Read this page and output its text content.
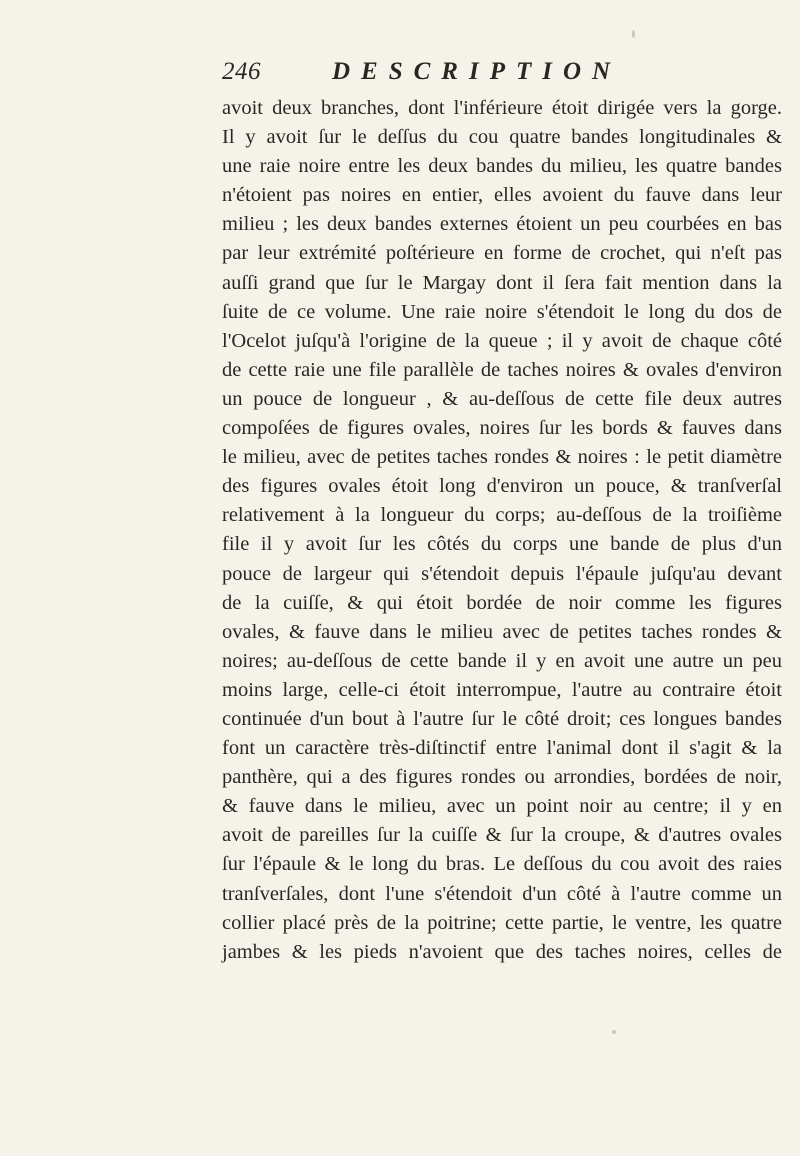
246	DESCRIPTION
avoit deux branches, dont l'inférieure étoit dirigée vers la gorge.
Il y avoit ſur le deſſus du cou quatre bandes longitudinales &
une raie noire entre les deux bandes du milieu, les quatre bandes
n'étoient pas noires en entier, elles avoient du fauve dans leur
milieu ; les deux bandes externes étoient un peu courbées en bas
par leur extrémité poſtérieure en forme de crochet, qui n'eſt pas
auſſi grand que ſur le Margay dont il ſera fait mention dans la
ſuite de ce volume. Une raie noire s'étendoit le long du dos de
l'Ocelot juſqu'à l'origine de la queue ; il y avoit de chaque côté
de cette raie une file parallèle de taches noires & ovales d'environ
un pouce de longueur , & au-deſſous de cette file deux autres
compoſées de figures ovales, noires ſur les bords & fauves dans
le milieu, avec de petites taches rondes & noires : le petit diamètre
des figures ovales étoit long d'environ un pouce, & tranſverſal
relativement à la longueur du corps; au-deſſous de la troiſième
file il y avoit ſur les côtés du corps une bande de plus d'un
pouce de largeur qui s'étendoit depuis l'épaule juſqu'au devant
de la cuiſſe, & qui étoit bordée de noir comme les figures
ovales, & fauve dans le milieu avec de petites taches rondes &
noires; au-deſſous de cette bande il y en avoit une autre un peu
moins large, celle-ci étoit interrompue, l'autre au contraire étoit
continuée d'un bout à l'autre ſur le côté droit; ces longues bandes
font un caractère très-diſtinctif entre l'animal dont il s'agit & la
panthère, qui a des figures rondes ou arrondies, bordées de noir,
& fauve dans le milieu, avec un point noir au centre; il y en
avoit de pareilles ſur la cuiſſe & ſur la croupe, & d'autres ovales
ſur l'épaule & le long du bras. Le deſſous du cou avoit des raies
tranſverſales, dont l'une s'étendoit d'un côté à l'autre comme un
collier placé près de la poitrine; cette partie, le ventre, les quatre
jambes & les pieds n'avoient que des taches noires, celles de
